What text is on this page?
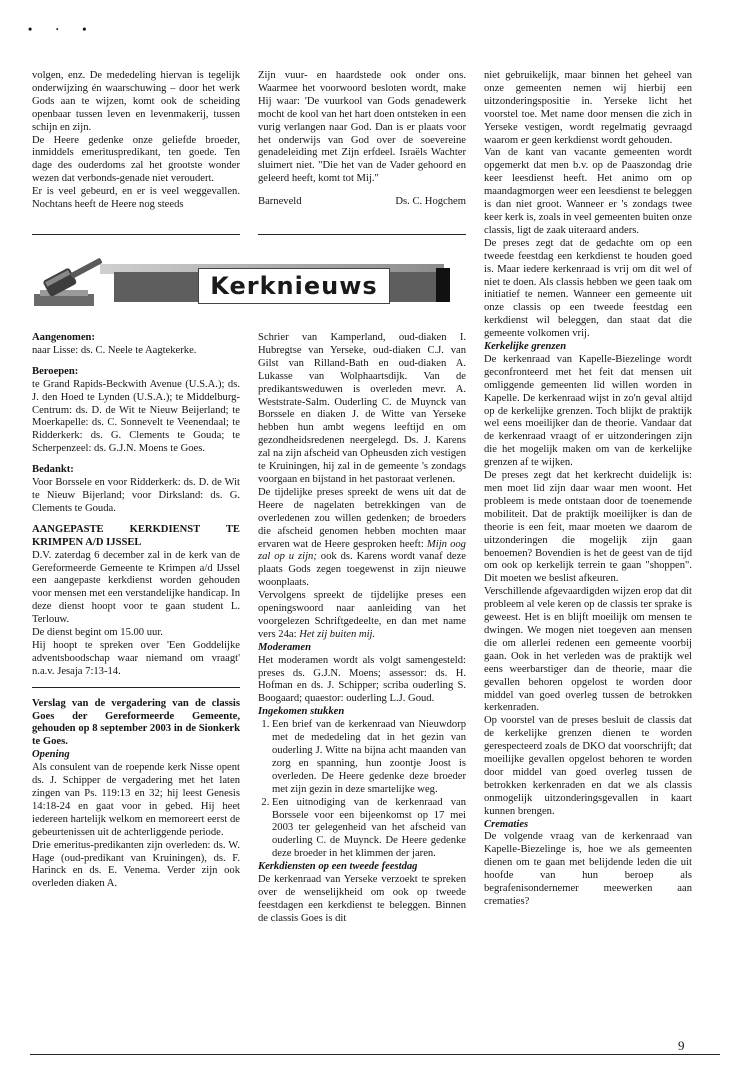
• · •

volgen, enz. De mededeling hiervan is tegelijk onderwijzing én waarschuwing – door het werk Gods aan te wijzen, komt ook de scheiding openbaar tussen leven en levenmakerij, tussen schijn en zijn.

De Heere gedenke onze geliefde broeder, inmiddels emerituspredikant, ten goede. Ten dage des ouderdoms zal het grootste wonder wezen dat verbonds-genade niet veroudert.

Er is veel gebeurd, en er is veel weggevallen. Nochtans heeft de Heere nog steeds

Zijn vuur- en haardstede ook onder ons. Waarmee het voorwoord besloten wordt, make Hij waar: 'De vuurkool van Gods genadewerk mocht de kool van het hart doen ontsteken in een vurig verlangen naar God. Dan is er plaats voor het onderwijs van God over de soevereine genadeleiding met Zijn erfdeel. Israëls Wachter sluimert niet. "Die het van de Vader gehoord en geleerd heeft, komt tot Mij."

Barneveld	Ds. C. Hogchem
Kerknieuws

Aangenomen:

naar Lisse: ds. C. Neele te Aagtekerke.

Beroepen:

te Grand Rapids-Beckwith Avenue (U.S.A.); ds. J. den Hoed te Lynden (U.S.A.); te Middelburg-Centrum: ds. D. de Wit te Nieuw Beijerland; te Moerkapelle: ds. C. Sonnevelt te Veenendaal; te Ridderkerk: ds. G. Clements te Gouda; te Scherpenzeel: ds. G.J.N. Moens te Goes.

Bedankt:

Voor Borssele en voor Ridderkerk: ds. D. de Wit te Nieuw Bijerland; voor Dirksland: ds. G. Clements te Gouda.

AANGEPASTE KERKDIENST TE KRIMPEN A/D IJSSEL

D.V. zaterdag 6 december zal in de kerk van de Gereformeerde Gemeente te Krimpen a/d IJssel een aangepaste kerkdienst worden gehouden voor mensen met een verstandelijke handicap. In deze dienst hoopt voor te gaan student L. Terlouw.

De dienst begint om 15.00 uur.

Hij hoopt te spreken over 'Een Goddelijke adventsboodschap waar niemand om vraagt' n.a.v. Jesaja 7:13-14.

Verslag van de vergadering van de classis Goes der Gereformeerde Gemeente, gehouden op 8 september 2003 in de Sionkerk te Goes.

Opening

Als consulent van de roepende kerk Nisse opent ds. J. Schipper de vergadering met het laten zingen van Ps. 119:13 en 32; hij leest Genesis 14:18-24 en gaat voor in gebed. Hij heet iedereen hartelijk welkom en memoreert eerst de gebeurtenissen uit de achterliggende periode.

Drie emeritus-predikanten zijn overleden: ds. W. Hage (oud-predikant van Kruiningen), ds. F. Harinck en ds. E. Venema. Verder zijn ook overleden diaken A.

Schrier van Kamperland, oud-diaken I. Hubregtse van Yerseke, oud-diaken C.J. van Gilst van Rilland-Bath en oud-diaken A. Lukasse van Wolphaartsdijk. Van de predikantsweduwen is overleden mevr. A. Weststrate-Salm. Ouderling C. de Muynck van Borssele en diaken J. de Witte van Yerseke hebben hun ambt wegens leeftijd en om gezondheidsredenen neergelegd. Ds. J. Karens zal na zijn afscheid van Opheusden zich vestigen te Kruiningen, hij zal in de gemeente 's zondags voorgaan en bijstand in het pastoraat verlenen.

De tijdelijke preses spreekt de wens uit dat de Heere de nagelaten betrekkingen van de overledenen zou willen gedenken; de broeders die afscheid genomen hebben mochten maar ervaren wat de Heere gesproken heeft: Mijn oog zal op u zijn; ook ds. Karens wordt vanaf deze plaats Gods zegen toegewenst in zijn nieuwe woonplaats.

Vervolgens spreekt de tijdelijke preses een openingswoord naar aanleiding van het voorgelezen Schriftgedeelte, en dan met name vers 24a: Het zij buiten mij.

Moderamen

Het moderamen wordt als volgt samengesteld: preses ds. G.J.N. Moens; assessor: ds. H. Hofman en ds. J. Schipper; scriba ouderling S. Boogaard; quaestor: ouderling L.J. Goud.

Ingekomen stukken

1. Een brief van de kerkenraad van Nieuwdorp met de mededeling dat in het gezin van ouderling J. Witte na bijna acht maanden van zorg en spanning, hun zoontje Joost is overleden. De Heere gedenke deze broeder met zijn gezin in deze smartelijke weg.
2. Een uitnodiging van de kerkenraad van Borssele voor een bijeenkomst op 17 mei 2003 ter gelegenheid van het afscheid van ouderling C. de Muynck. De Heere gedenke deze broeder in het klimmen der jaren.

Kerkdiensten op een tweede feestdag

De kerkenraad van Yerseke verzoekt te spreken over de wenselijkheid om ook op tweede feestdagen een kerkdienst te beleggen. Binnen de classis Goes is dit

niet gebruikelijk, maar binnen het geheel van onze gemeenten nemen wij hierbij een uitzonderingspositie in. Yerseke licht het voorstel toe. Met name door mensen die zich in Yerseke vestigen, wordt regelmatig gevraagd waarom er geen kerkdienst wordt gehouden.

Van de kant van vacante gemeenten wordt opgemerkt dat men b.v. op de Paaszondag drie keer leesdienst heeft. Het animo om op maandagmorgen weer een leesdienst te beleggen is dan niet groot. Wanneer er 's zondags twee keer kerk is, zoals in veel gemeenten buiten onze classis, ligt de zaak uiteraard anders.

De preses zegt dat de gedachte om op een tweede feestdag een kerkdienst te houden goed is. Maar iedere kerkenraad is vrij om dit wel of niet te doen. Als classis hebben we geen taak om initiatief te nemen. Wanneer een gemeente uit onze classis op een tweede feestdag een kerkdienst wil beleggen, dan staat dat die gemeente volkomen vrij.

Kerkelijke grenzen

De kerkenraad van Kapelle-Biezelinge wordt geconfronteerd met het feit dat mensen uit omliggende gemeenten lid willen worden in Kapelle. De kerkenraad wijst in zo'n geval altijd op de kerkelijke grenzen. Toch blijkt de praktijk wel eens moeilijker dan de theorie. Vandaar dat de kerkenraad vraagt of er uitzonderingen zijn die het mogelijk maken om van de kerkelijke grenzen af te wijken.

De preses zegt dat het kerkrecht duidelijk is: men moet lid zijn daar waar men woont. Het probleem is mede ontstaan door de toenemende mobiliteit. Dat de praktijk moeilijker is dan de theorie is een feit, maar moeten we daarom de uitzonderingen die mogelijk zijn gaan benoemen? Bovendien is het de geest van de tijd om ook op kerkelijk terrein te gaan "shoppen". Dit moeten we beslist afkeuren.

Verschillende afgevaardigden wijzen erop dat dit probleem al vele keren op de classis ter sprake is geweest. Het is en blijft moeilijk om mensen te dwingen. We mogen niet toegeven aan mensen die om allerlei redenen een gemeente voorbij gaan. Ook in het verleden was de praktijk wel eens weerbarstiger dan de theorie, maar die gevallen behoren opgelost te worden door middel van goed overleg tussen de betrokken kerkenraden.

Op voorstel van de preses besluit de classis dat de kerkelijke grenzen dienen te worden gerespecteerd zoals de DKO dat voorschrijft; dat moeilijke gevallen opgelost behoren te worden door middel van goed overleg tussen de betrokken kerkenraden en dat we als classis onmogelijk uitzonderingsgevallen in kaart kunnen brengen.

Crematies

De volgende vraag van de kerkenraad van Kapelle-Biezelinge is, hoe we als gemeenten dienen om te gaan met belijdende leden die uit hoofde van hun beroep als begrafenisondernemer meewerken aan crematies?

9
